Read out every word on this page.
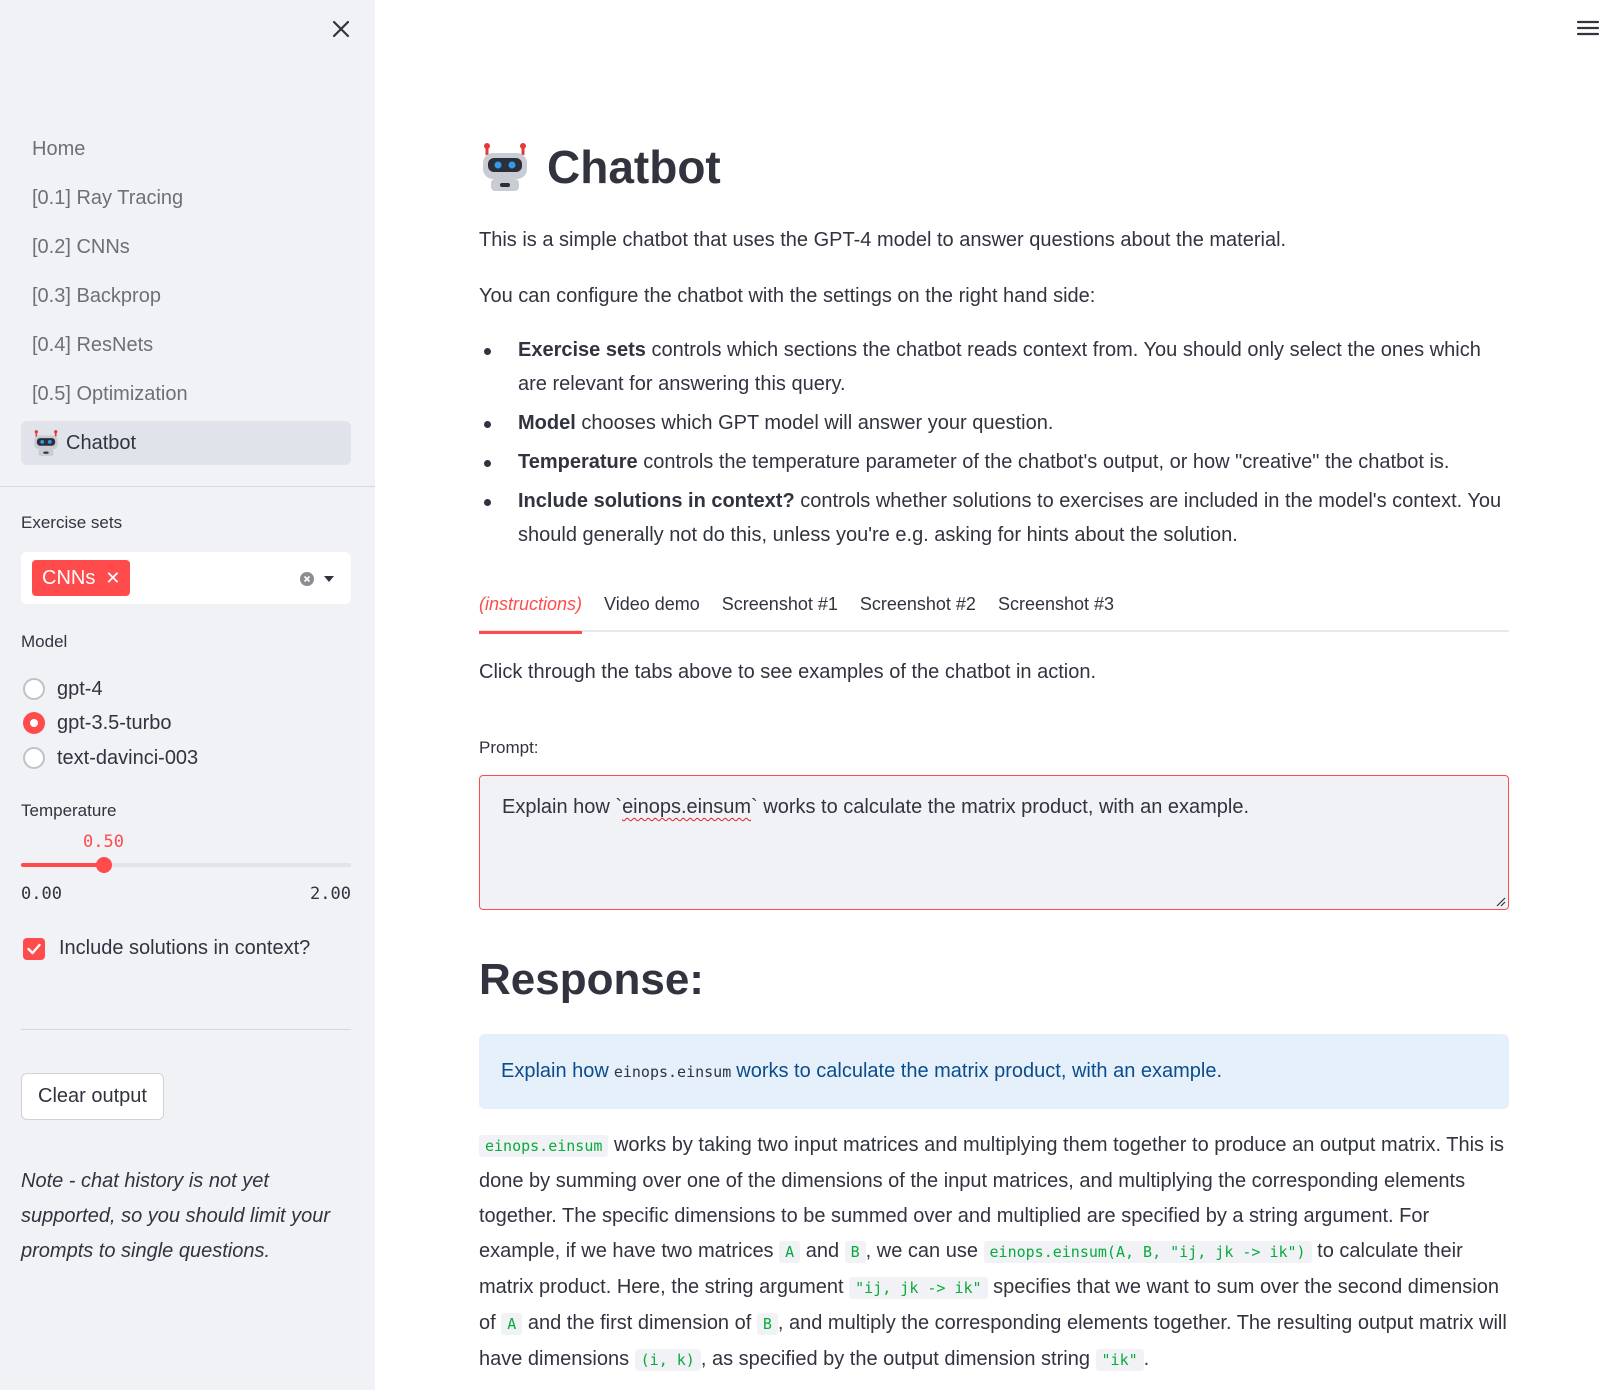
Home
[0.1] Ray Tracing
[0.2] CNNs
[0.3] Backprop
[0.4] ResNets
[0.5] Optimization
Chatbot
Exercise sets
CNNs ✕
Model
gpt-4
gpt-3.5-turbo
text-davinci-003
Temperature
0.50
0.00	2.00
Include solutions in context?
Clear output
Note - chat history is not yet supported, so you should limit your prompts to single questions.
Chatbot
This is a simple chatbot that uses the GPT-4 model to answer questions about the material.
You can configure the chatbot with the settings on the right hand side:
Exercise sets controls which sections the chatbot reads context from. You should only select the ones which are relevant for answering this query.
Model chooses which GPT model will answer your question.
Temperature controls the temperature parameter of the chatbot's output, or how "creative" the chatbot is.
Include solutions in context? controls whether solutions to exercises are included in the model's context. You should generally not do this, unless you're e.g. asking for hints about the solution.
(instructions) Video demo Screenshot #1 Screenshot #2 Screenshot #3
Click through the tabs above to see examples of the chatbot in action.
Prompt:
Explain how `einops.einsum` works to calculate the matrix product, with an example.
Response:
Explain how einops.einsum works to calculate the matrix product, with an example.
einops.einsum works by taking two input matrices and multiplying them together to produce an output matrix. This is done by summing over one of the dimensions of the input matrices, and multiplying the corresponding elements together. The specific dimensions to be summed over and multiplied are specified by a string argument. For example, if we have two matrices A and B , we can use einops.einsum(A, B, "ij, jk -> ik") to calculate their matrix product. Here, the string argument "ij, jk -> ik" specifies that we want to sum over the second dimension of A and the first dimension of B , and multiply the corresponding elements together. The resulting output matrix will have dimensions (i, k) , as specified by the output dimension string "ik" .
